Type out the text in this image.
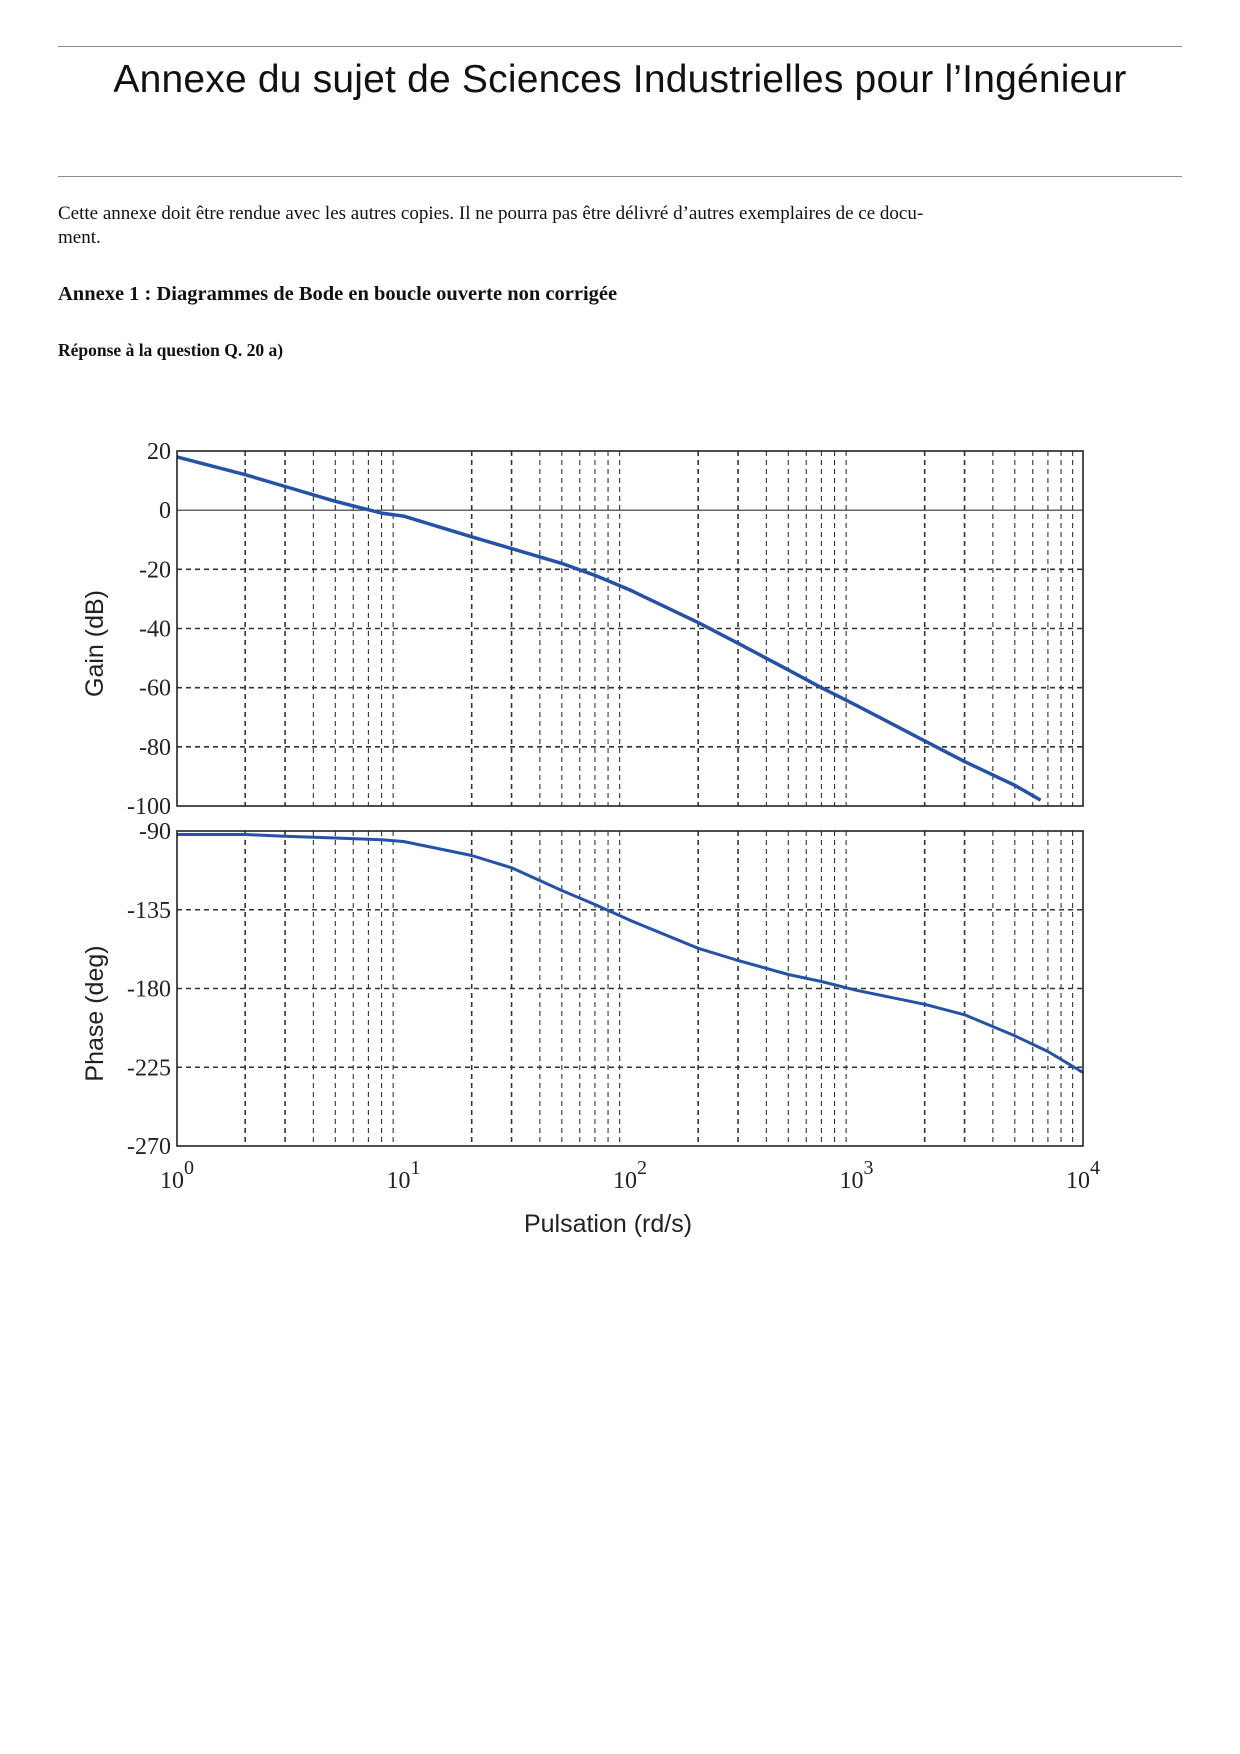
Annexe du sujet de Sciences Industrielles pour l’Ingénieur

Cette annexe doit être rendue avec les autres copies. Il ne pourra pas être délivré d’autres exemplaires de ce docu-
ment.

Annexe 1 : Diagrammes de Bode en boucle ouverte non corrigée

Réponse à la question Q. 20 a)

20
0
-20
-40
-60
-80
-100
Gain (dB)
-90
-135
-180
-225
-270
Phase (deg)
$10^0$	$10^1$	$10^2$	$10^3$	$10^4$
Pulsation (rd/s)
